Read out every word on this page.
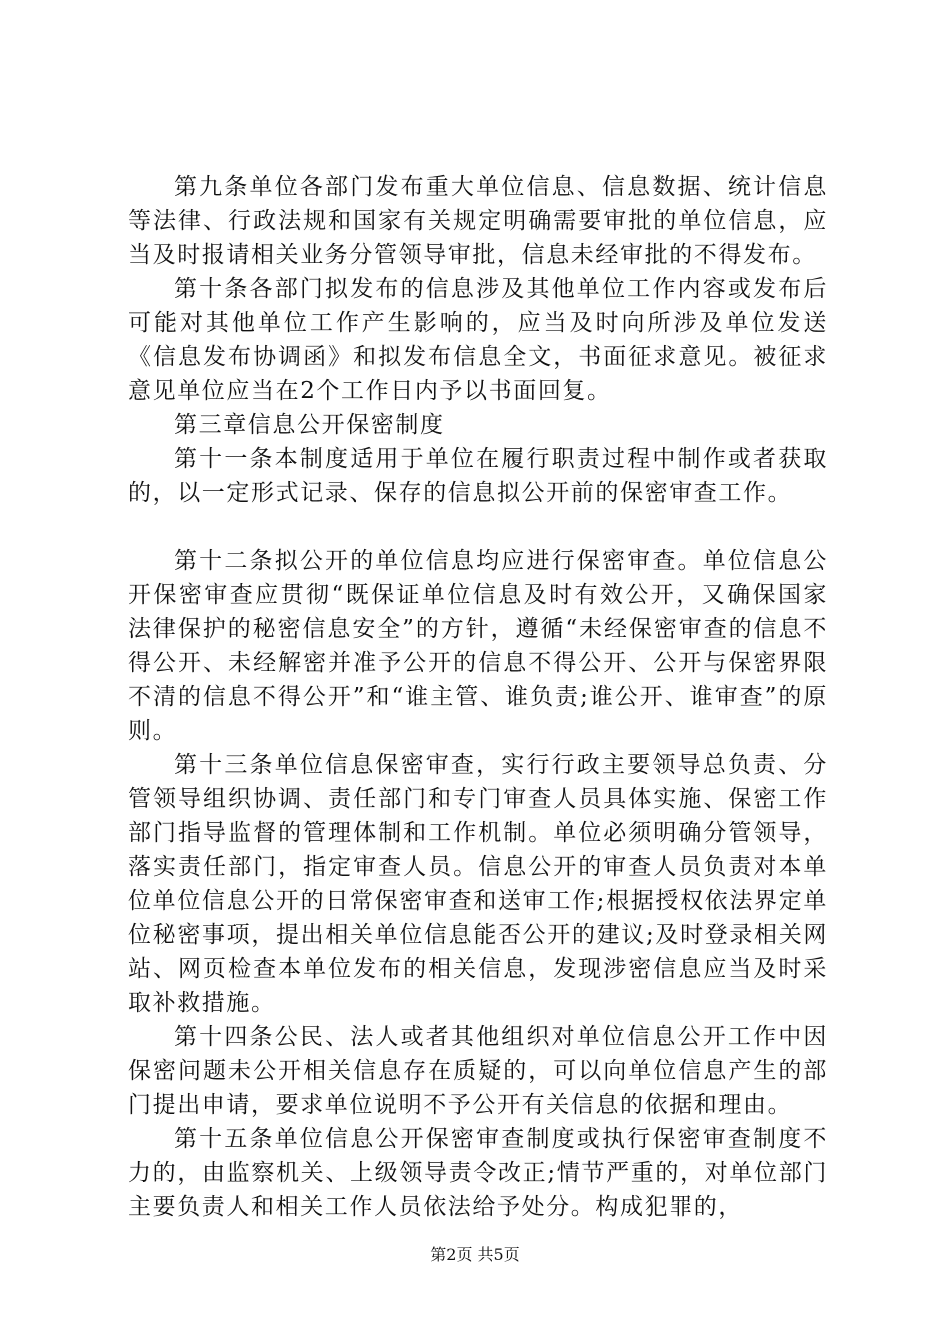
第九条单位各部门发布重大单位信息、信息数据、统计信息等法律、行政法规和国家有关规定明确需要审批的单位信息，应当及时报请相关业务分管领导审批，信息未经审批的不得发布。

第十条各部门拟发布的信息涉及其他单位工作内容或发布后可能对其他单位工作产生影响的，应当及时向所涉及单位发送《信息发布协调函》和拟发布信息全文，书面征求意见。被征求意见单位应当在2个工作日内予以书面回复。

第三章信息公开保密制度

第十一条本制度适用于单位在履行职责过程中制作或者获取的，以一定形式记录、保存的信息拟公开前的保密审查工作。

第十二条拟公开的单位信息均应进行保密审查。单位信息公开保密审查应贯彻“既保证单位信息及时有效公开，又确保国家法律保护的秘密信息安全”的方针，遵循“未经保密审查的信息不得公开、未经解密并准予公开的信息不得公开、公开与保密界限不清的信息不得公开”和“谁主管、谁负责;谁公开、谁审查”的原则。

第十三条单位信息保密审查，实行行政主要领导总负责、分管领导组织协调、责任部门和专门审查人员具体实施、保密工作部门指导监督的管理体制和工作机制。单位必须明确分管领导，落实责任部门，指定审查人员。信息公开的审查人员负责对本单位单位信息公开的日常保密审查和送审工作;根据授权依法界定单位秘密事项，提出相关单位信息能否公开的建议;及时登录相关网站、网页检查本单位发布的相关信息，发现涉密信息应当及时采取补救措施。

第十四条公民、法人或者其他组织对单位信息公开工作中因保密问题未公开相关信息存在质疑的，可以向单位信息产生的部门提出申请，要求单位说明不予公开有关信息的依据和理由。

第十五条单位信息公开保密审查制度或执行保密审查制度不力的，由监察机关、上级领导责令改正;情节严重的，对单位部门主要负责人和相关工作人员依法给予处分。构成犯罪的，

第2页 共5页
